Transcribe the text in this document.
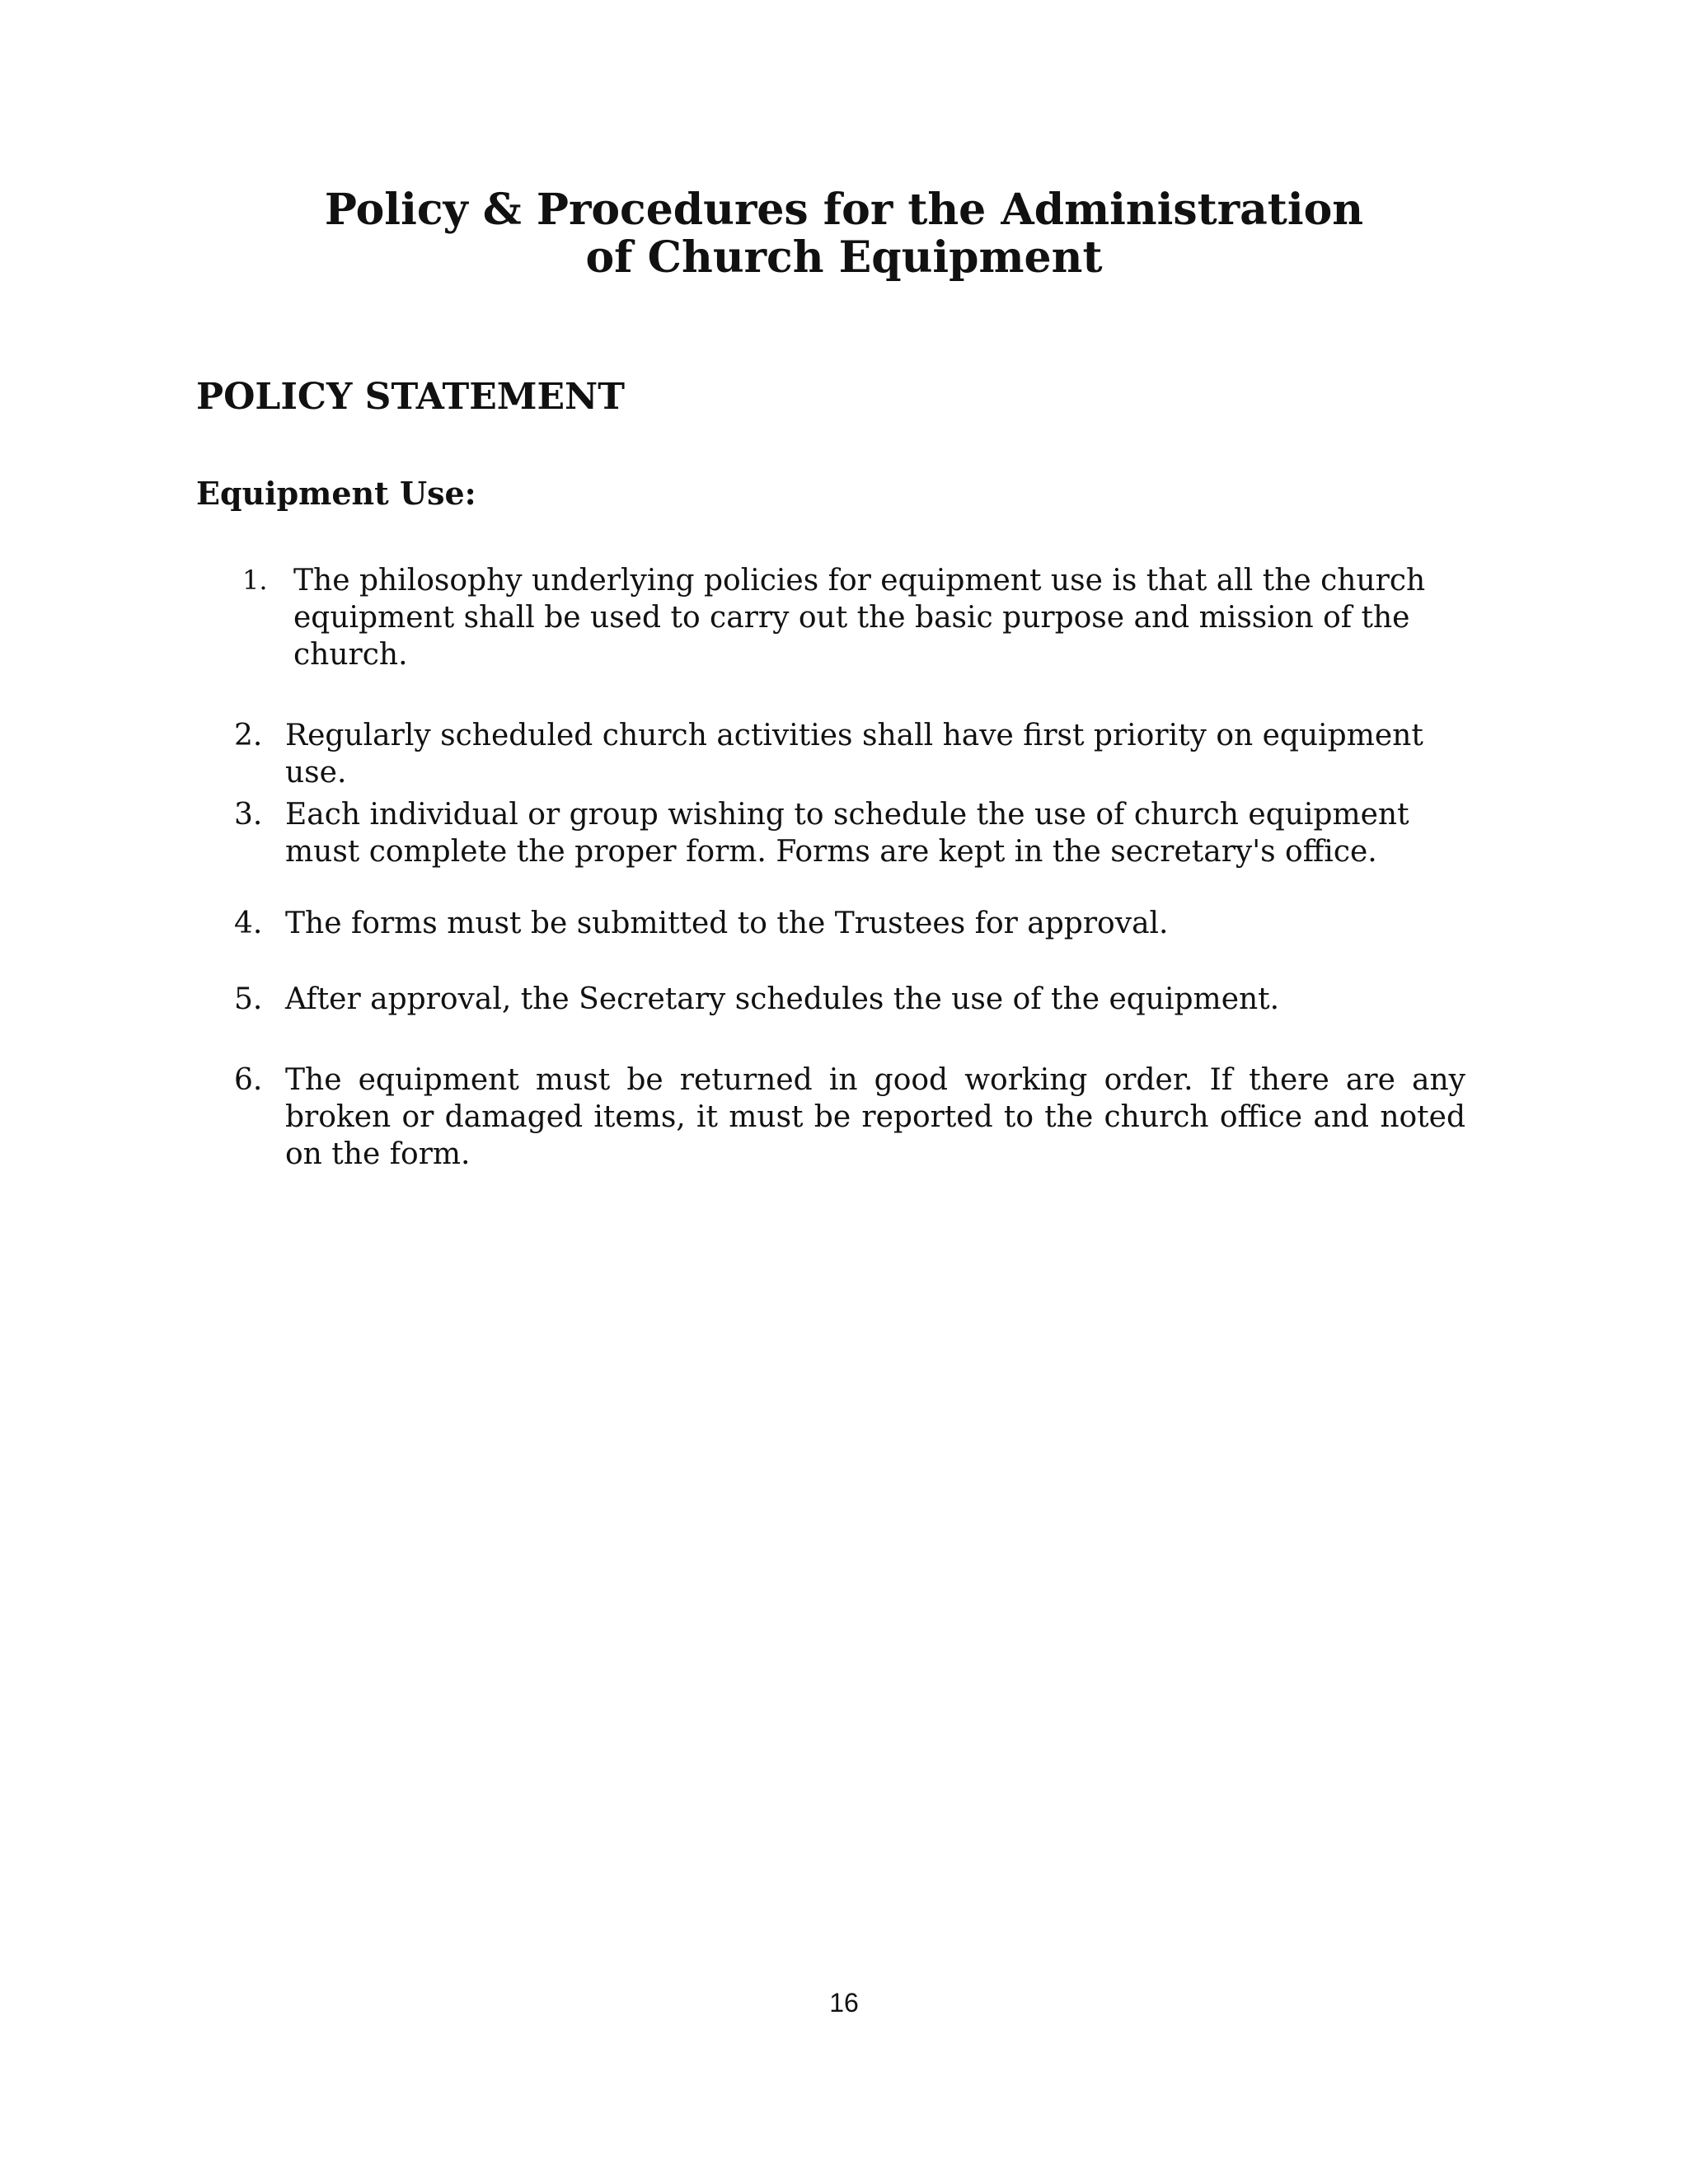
Policy & Procedures for the Administration
of Church Equipment
POLICY STATEMENT
Equipment Use:
1. The philosophy underlying policies for equipment use is that all the church equipment shall be used to carry out the basic purpose and mission of the church.
2. Regularly scheduled church activities shall have first priority on equipment use.
3. Each individual or group wishing to schedule the use of church equipment must complete the proper form. Forms are kept in the secretary's office.
4. The forms must be submitted to the Trustees for approval.
5. After approval, the Secretary schedules the use of the equipment.
6. The equipment must be returned in good working order. If there are any broken or damaged items, it must be reported to the church office and noted on the form.
16
